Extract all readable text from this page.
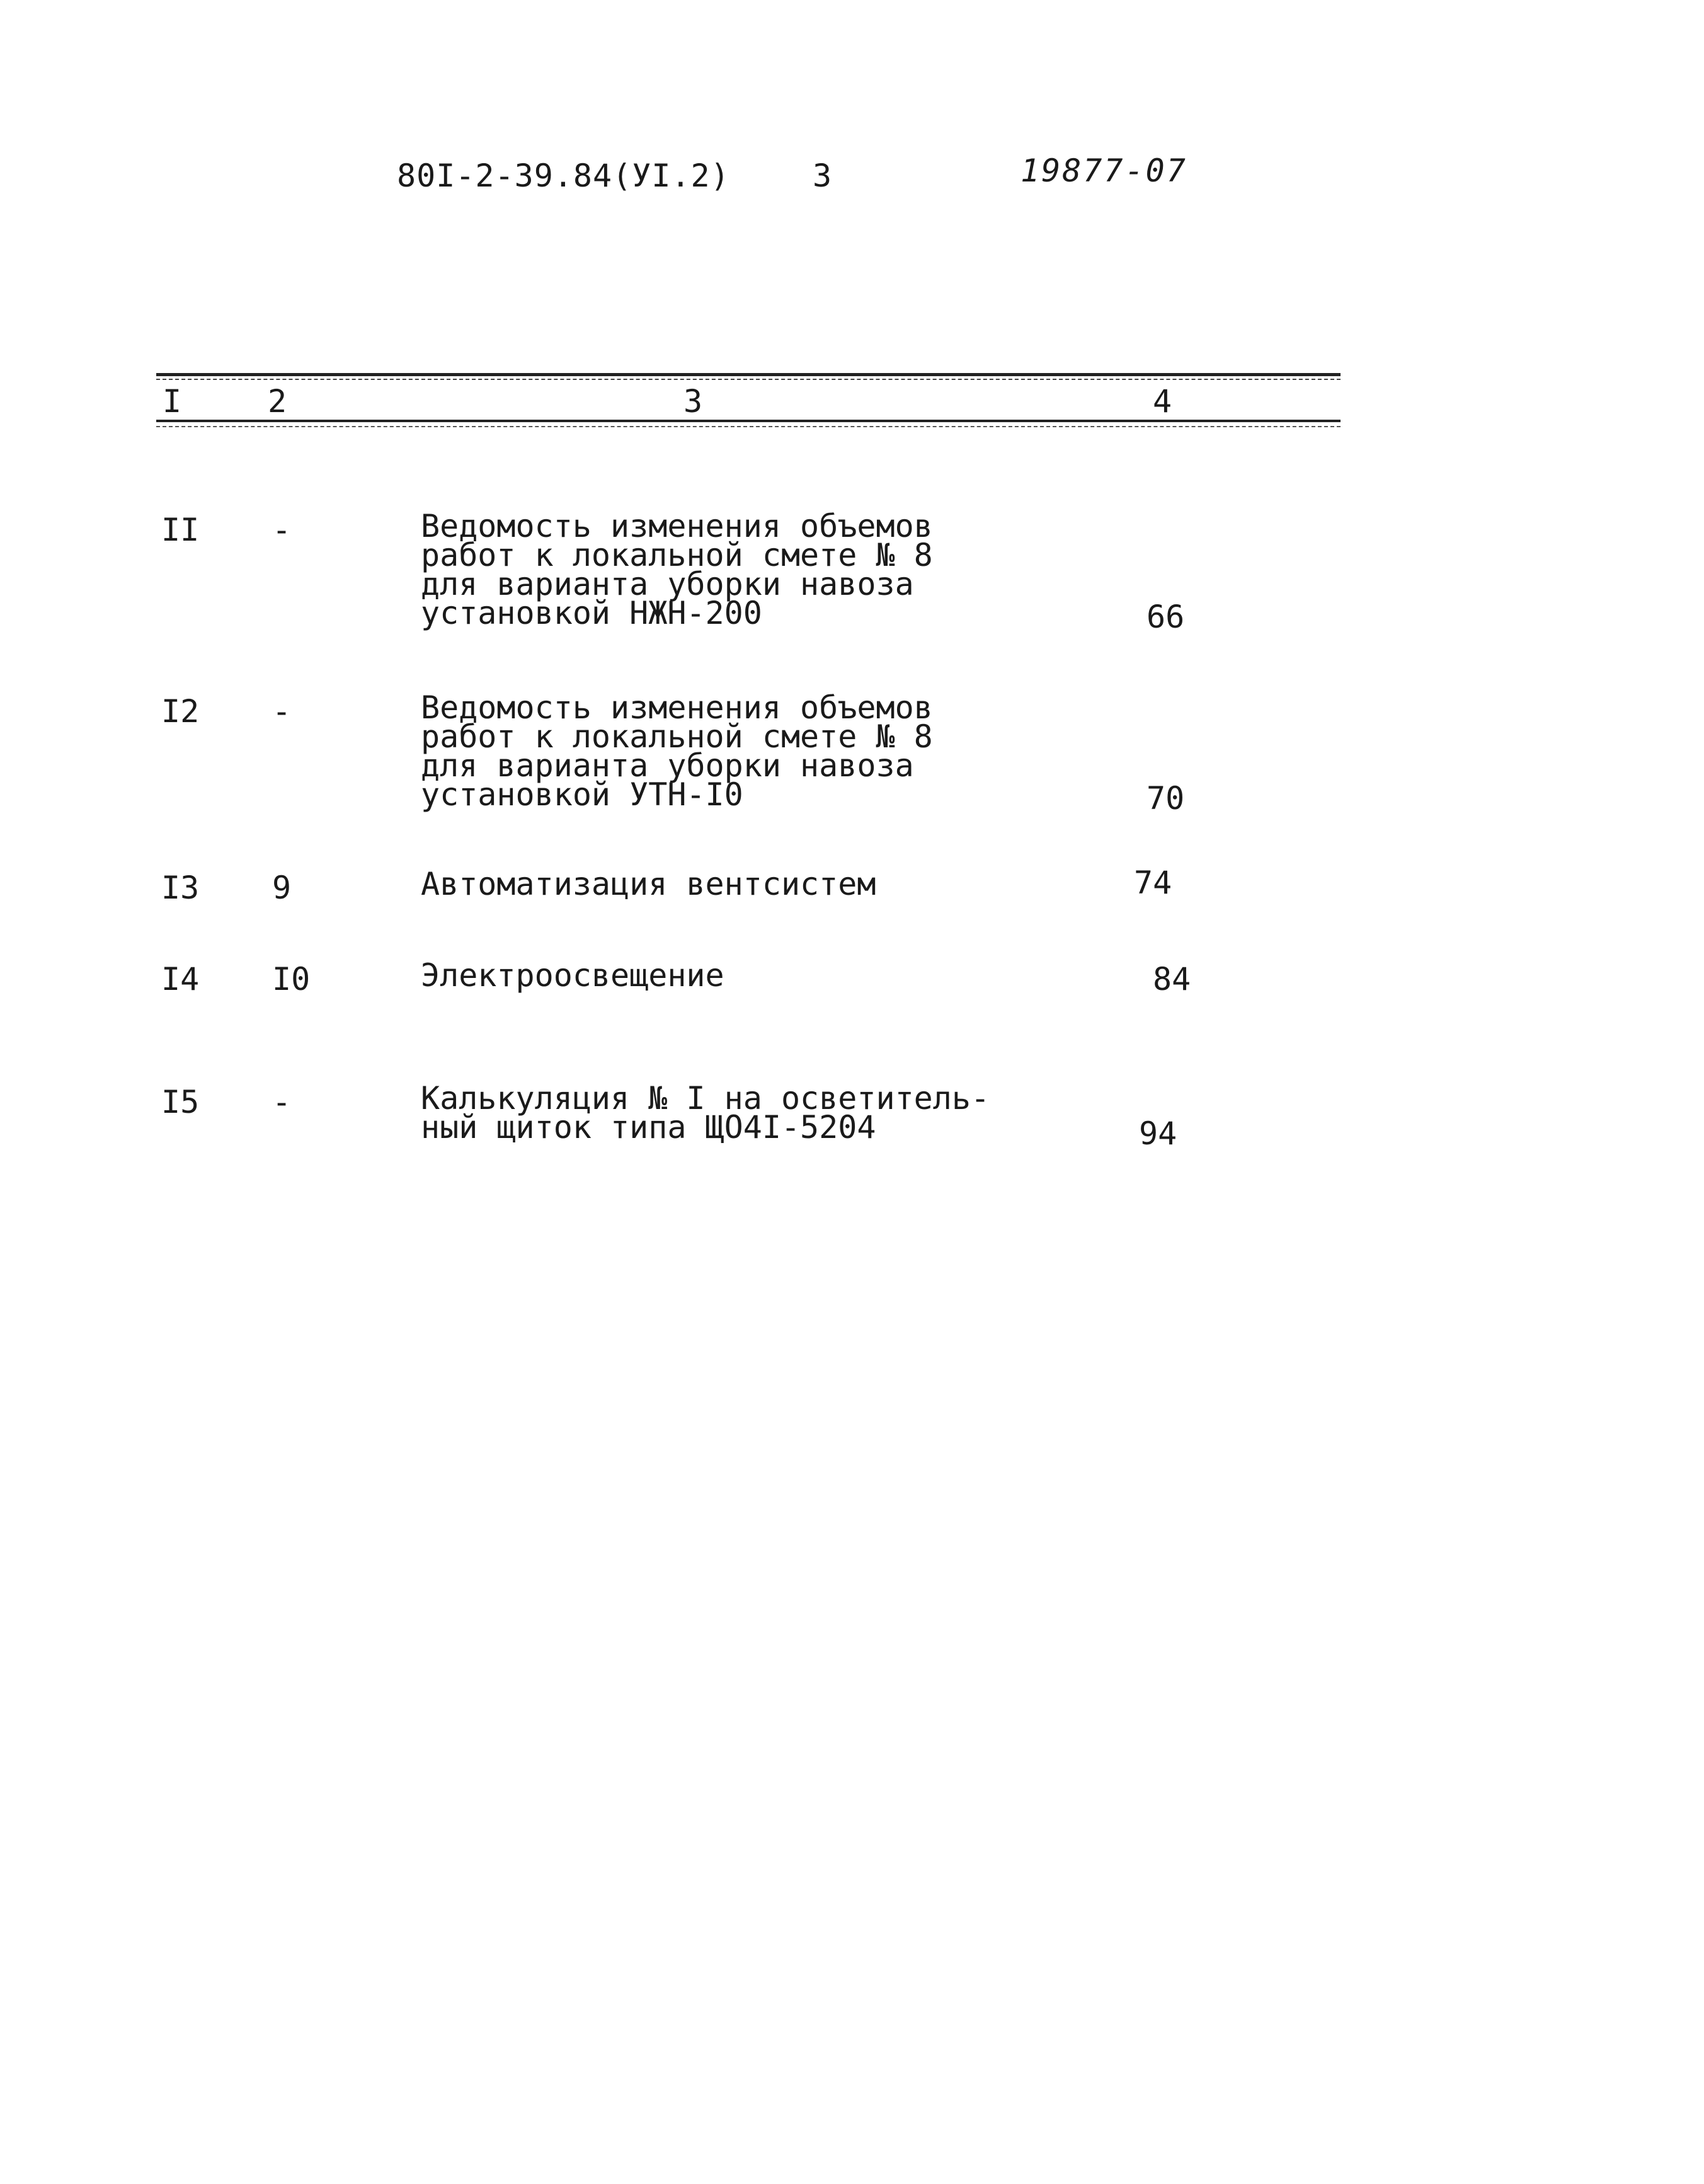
80I-2-39.84(УI.2)	3	19877-07
I	2	3	4
II -	Ведомость изменения объемов
работ к локальной смете № 8
для варианта уборки навоза
установкой НЖН-200	66
I2 -	Ведомость изменения объемов
работ к локальной смете № 8
для варианта уборки навоза
установкой УТН-I0	70
I3 9	Автоматизация вентсистем	74
I4 I0	Электроосвещение	84
I5 -	Калькуляция № I на осветитель-
ный щиток типа ЩО4I-5204	94
